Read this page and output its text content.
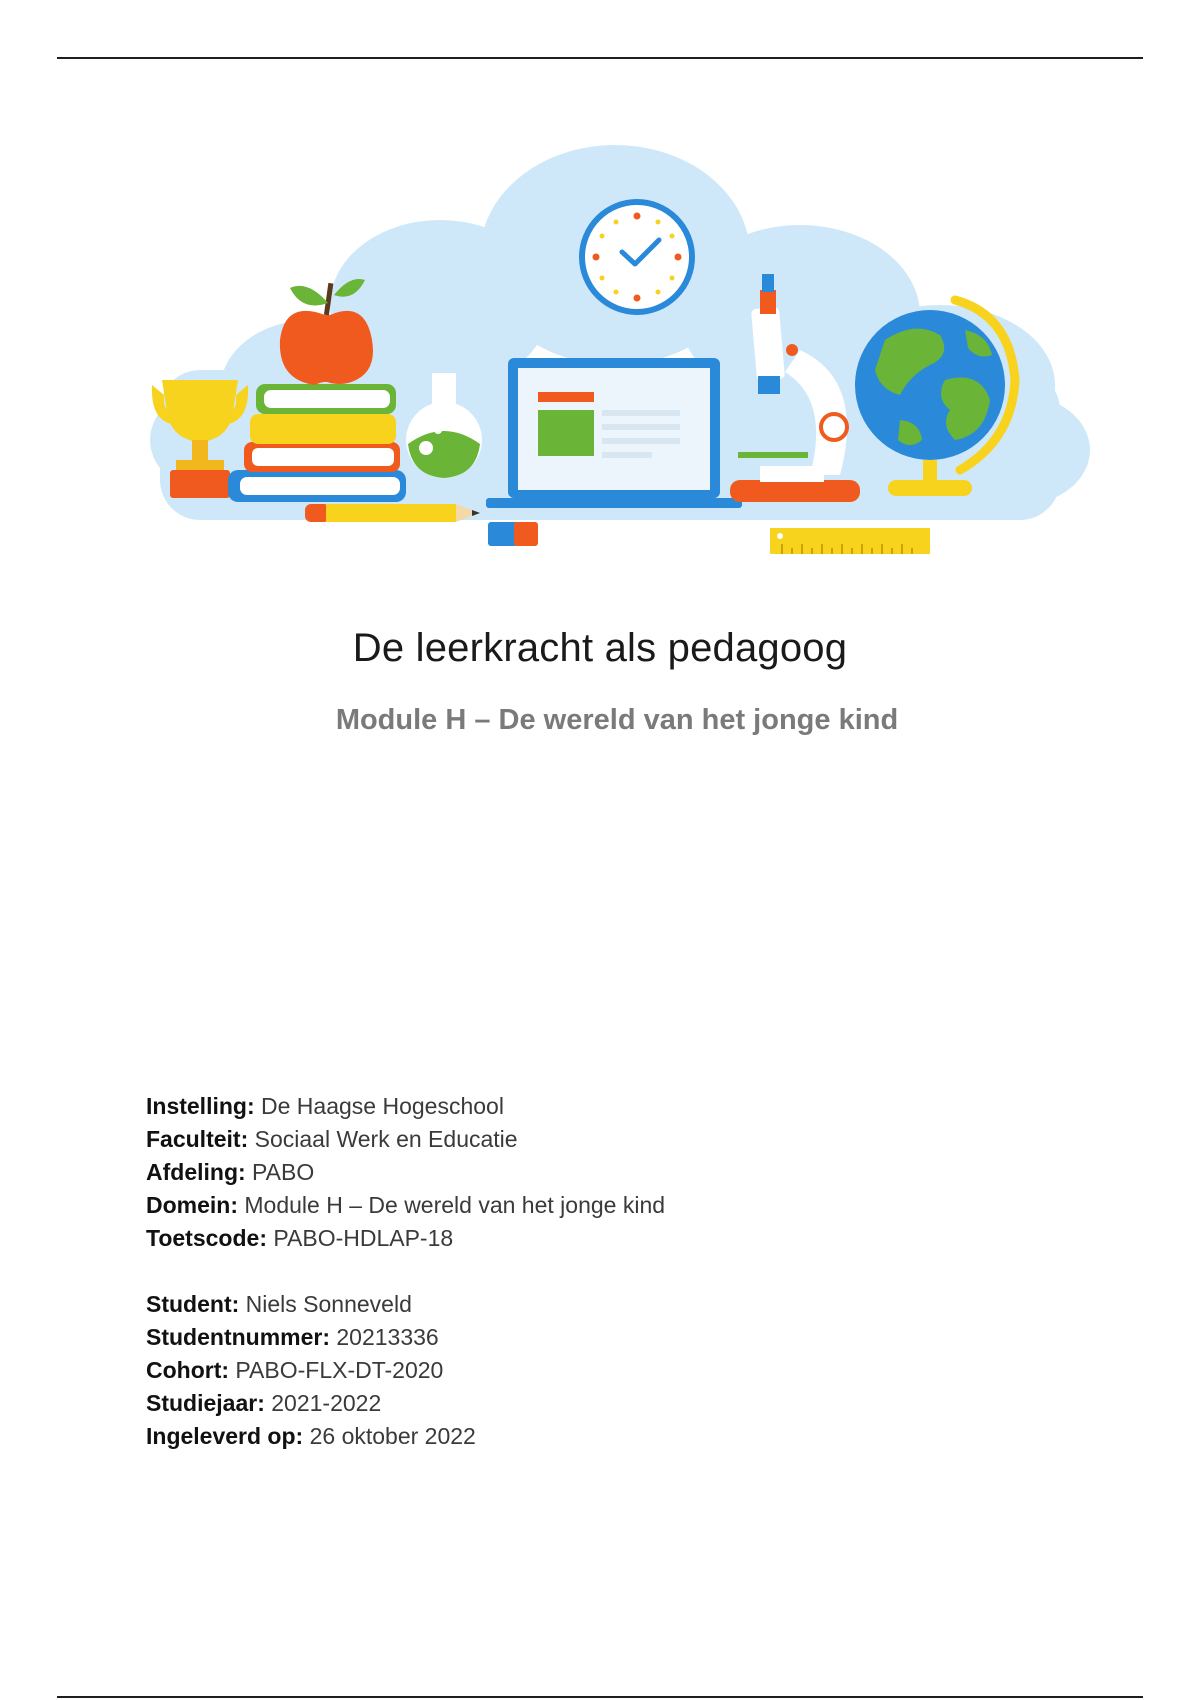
De leerkracht als pedagoog
Module H – De wereld van het jonge kind
Instelling: De Haagse Hogeschool
Faculteit: Sociaal Werk en Educatie
Afdeling: PABO
Domein: Module H – De wereld van het jonge kind
Toetscode: PABO-HDLAP-18
Student: Niels Sonneveld
Studentnummer: 20213336
Cohort: PABO-FLX-DT-2020
Studiejaar: 2021-2022
Ingeleverd op: 26 oktober 2022
